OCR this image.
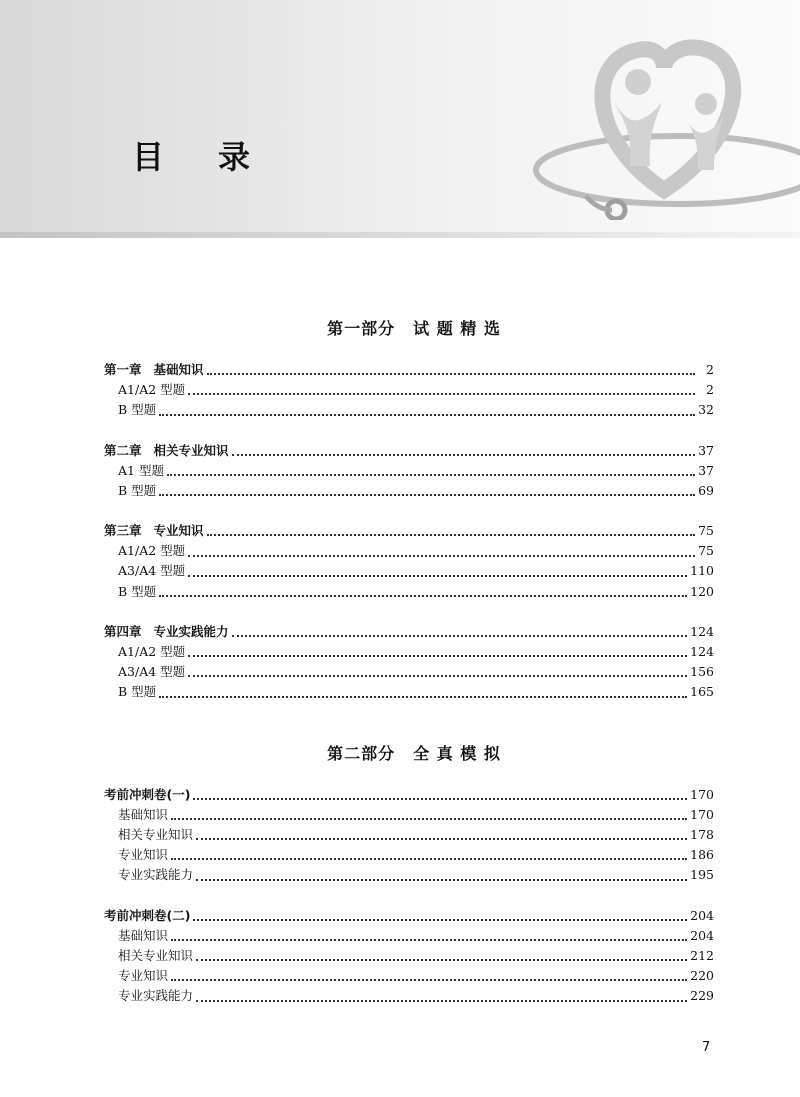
目 录
第一部分 试 题 精 选
第一章 基础知识	2
A1/A2 型题	2
B 型题	32
第二章 相关专业知识	37
A1 型题	37
B 型题	69
第三章 专业知识	75
A1/A2 型题	75
A3/A4 型题	110
B 型题	120
第四章 专业实践能力	124
A1/A2 型题	124
A3/A4 型题	156
B 型题	165
第二部分 全 真 模 拟
考前冲刺卷(一)	170
基础知识	170
相关专业知识	178
专业知识	186
专业实践能力	195
考前冲刺卷(二)	204
基础知识	204
相关专业知识	212
专业知识	220
专业实践能力	229
7
